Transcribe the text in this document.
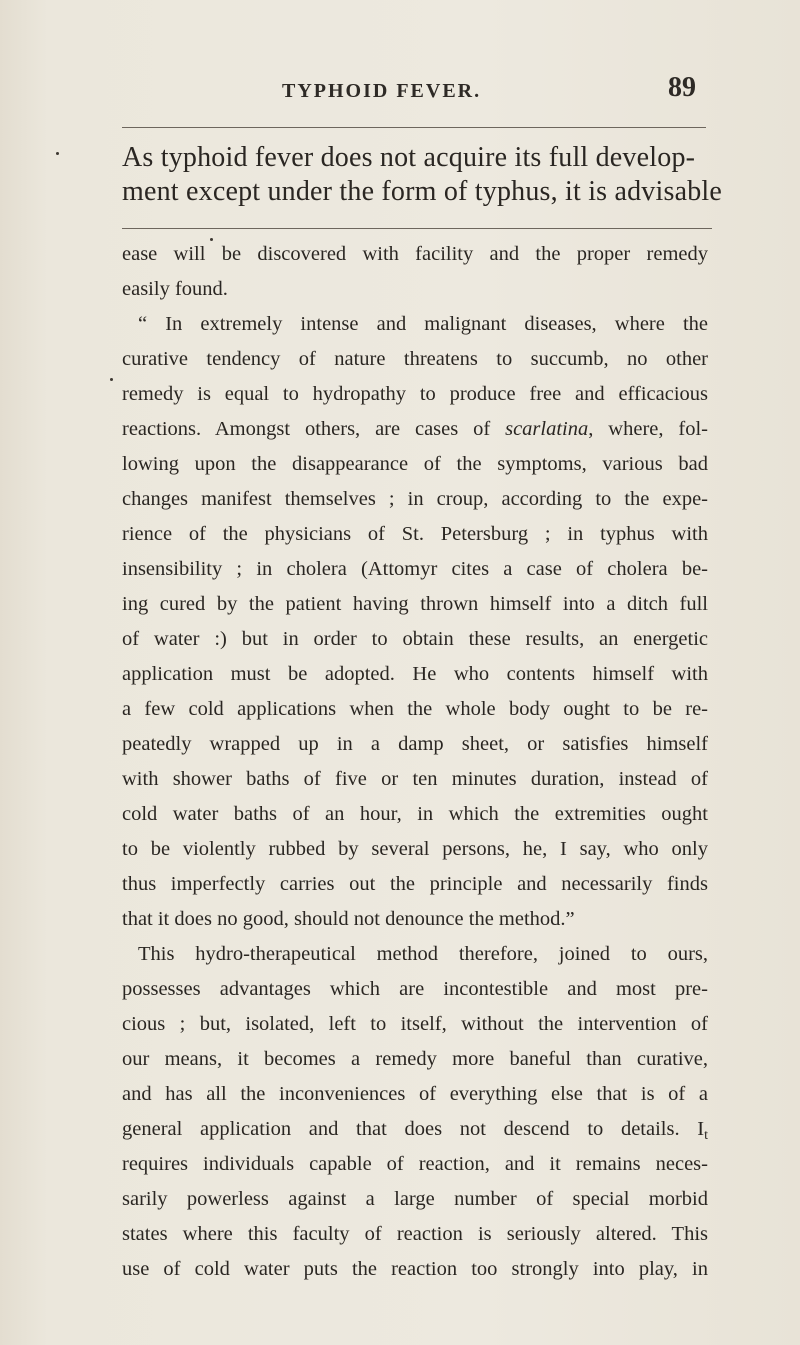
TYPHOID FEVER.	89
As typhoid fever does not acquire its full develop-
ment except under the form of typhus, it is advisable
ease will be discovered with facility and the proper remedy
easily found.
“ In extremely intense and malignant diseases, where the
curative tendency of nature threatens to succumb, no other
remedy is equal to hydropathy to produce free and efficacious
reactions. Amongst others, are cases of scarlatina, where, fol-
lowing upon the disappearance of the symptoms, various bad
changes manifest themselves ; in croup, according to the expe-
rience of the physicians of St. Petersburg ; in typhus with
insensibility ; in cholera (Attomyr cites a case of cholera be-
ing cured by the patient having thrown himself into a ditch full
of water :) but in order to obtain these results, an energetic
application must be adopted. He who contents himself with
a few cold applications when the whole body ought to be re-
peatedly wrapped up in a damp sheet, or satisfies himself
with shower baths of five or ten minutes duration, instead of
cold water baths of an hour, in which the extremities ought
to be violently rubbed by several persons, he, I say, who only
thus imperfectly carries out the principle and necessarily finds
that it does no good, should not denounce the method.”
This hydro-therapeutical method therefore, joined to ours,
possesses advantages which are incontestible and most pre-
cious ; but, isolated, left to itself, without the intervention of
our means, it becomes a remedy more baneful than curative,
and has all the inconveniences of everything else that is of a
general application and that does not descend to details. $I_t$
requires individuals capable of reaction, and it remains neces-
sarily powerless against a large number of special morbid
states where this faculty of reaction is seriously altered. This
use of cold water puts the reaction too strongly into play, in
